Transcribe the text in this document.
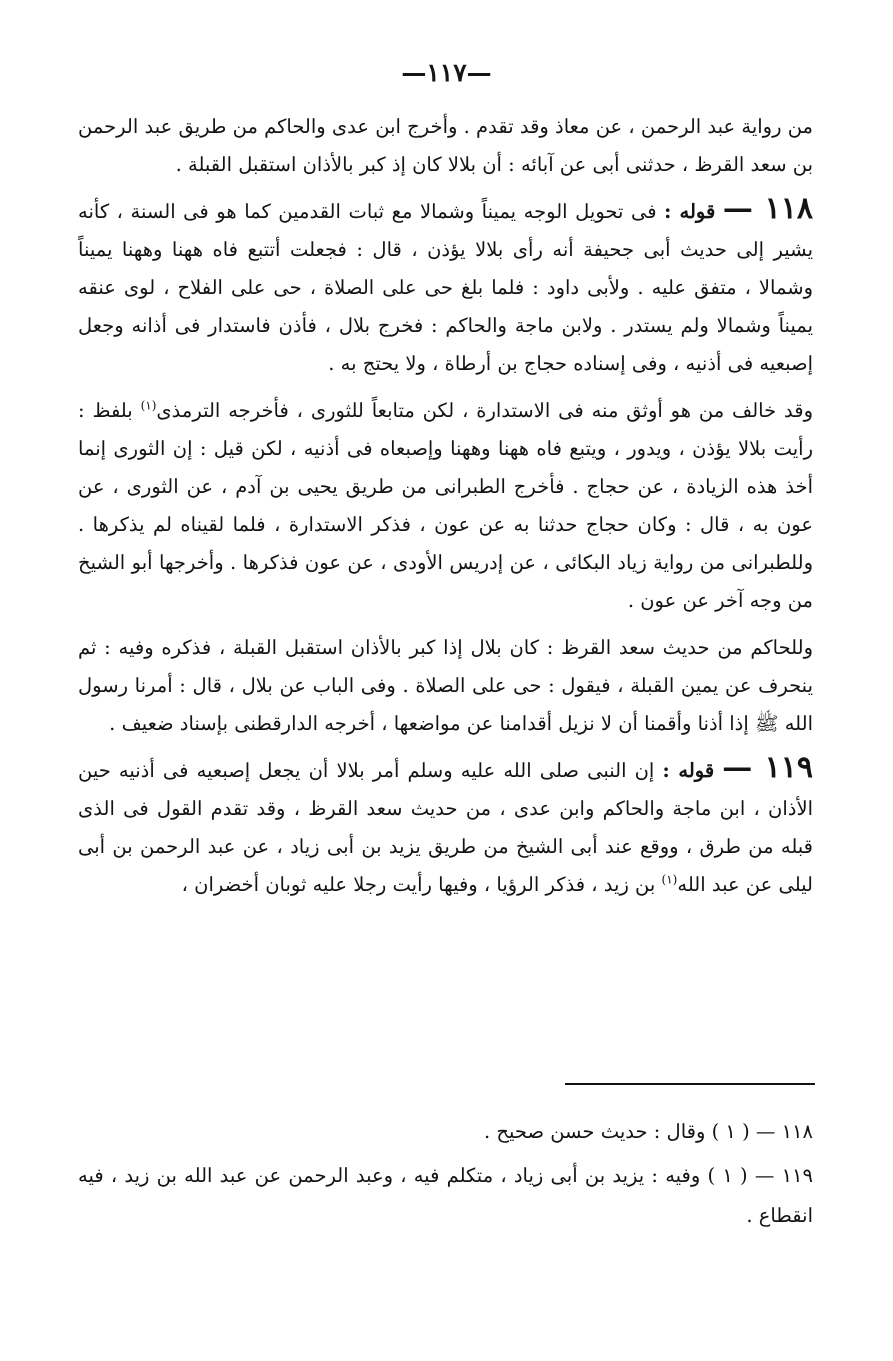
—١١٧—

من رواية عبد الرحمن ، عن معاذ وقد تقدم . وأخرج ابن عدى والحاكم من طريق عبد الرحمن بن سعد القرظ ، حدثنى أبى عن آبائه : أن بلالا كان إذ كبر بالأذان استقبل القبلة .

١١٨ — قوله : فى تحويل الوجه يميناً وشمالا مع ثبات القدمين كما هو فى السنة ، كأنه يشير إلى حديث أبى جحيفة أنه رأى بلالا يؤذن ، قال : فجعلت أتتبع فاه ههنا وههنا يميناً وشمالا ، متفق عليه . ولأبى داود : فلما بلغ حى على الصلاة ، حى على الفلاح ، لوى عنقه يميناً وشمالا ولم يستدر . ولابن ماجة والحاكم : فخرج بلال ، فأذن فاستدار فى أذانه وجعل إصبعيه فى أذنيه ، وفى إسناده حجاج بن أرطاة ، ولا يحتج به .

وقد خالف من هو أوثق منه فى الاستدارة ، لكن متابعاً للثورى ، فأخرجه الترمذى$^{(١)}$ بلفظ : رأيت بلالا يؤذن ، ويدور ، ويتبع فاه ههنا وههنا وإصبعاه فى أذنيه ، لكن قيل : إن الثورى إنما أخذ هذه الزيادة ، عن حجاج . فأخرج الطبرانى من طريق يحيى بن آدم ، عن الثورى ، عن عون به ، قال : وكان حجاج حدثنا به عن عون ، فذكر الاستدارة ، فلما لقيناه لم يذكرها . وللطبرانى من رواية زياد البكائى ، عن إدريس الأودى ، عن عون فذكرها . وأخرجها أبو الشيخ من وجه آخر عن عون .

وللحاكم من حديث سعد القرظ : كان بلال إذا كبر بالأذان استقبل القبلة ، فذكره وفيه : ثم ينحرف عن يمين القبلة ، فيقول : حى على الصلاة . وفى الباب عن بلال ، قال : أمرنا رسول الله ﷺ إذا أذنا وأقمنا أن لا نزيل أقدامنا عن مواضعها ، أخرجه الدارقطنى بإسناد ضعيف .

١١٩ — قوله : إن النبى صلى الله عليه وسلم أمر بلالا أن يجعل إصبعيه فى أذنيه حين الأذان ، ابن ماجة والحاكم وابن عدى ، من حديث سعد القرظ ، وقد تقدم القول فى الذى قبله من طرق ، ووقع عند أبى الشيخ من طريق يزيد بن أبى زياد ، عن عبد الرحمن بن أبى ليلى عن عبد الله$^{(١)}$ بن زيد ، فذكر الرؤيا ، وفيها رأيت رجلا عليه ثوبان أخضران ،

١١٨ — ( ١ ) وقال : حديث حسن صحيح .

١١٩ — ( ١ ) وفيه : يزيد بن أبى زياد ، متكلم فيه ، وعبد الرحمن عن عبد الله بن زيد ، فيه انقطاع .
